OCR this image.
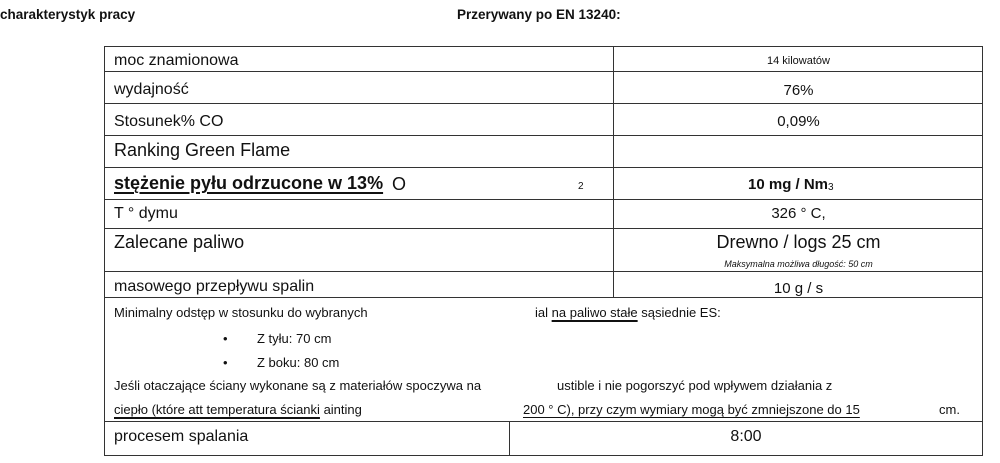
charakterystyk pracy	Przerywany po EN 13240:
moc znamionowa	14 kilowatów
wydajność	76%
Stosunek% CO	0,09%
Ranking Green Flame
stężenie pyłu odrzucone w 13% O	2	10 mg / Nm3
T ° dymu	326 ° C,
Zalecane paliwo	Drewno / logs 25 cm
Maksymalna możliwa długość: 50 cm
masowego przepływu spalin	10 g / s
Minimalny odstęp w stosunku do wybranych	ial na paliwo stałe sąsiednie ES:
• Z tyłu: 70 cm
• Z boku: 80 cm
Jeśli otaczające ściany wykonane są z materiałów spoczywa na	ustible i nie pogorszyć pod wpływem działania z
ciepło (które att temperatura ścianki ainting	200 ° C), przy czym wymiary mogą być zmniejszone do 15	cm.
procesem spalania	8:00
